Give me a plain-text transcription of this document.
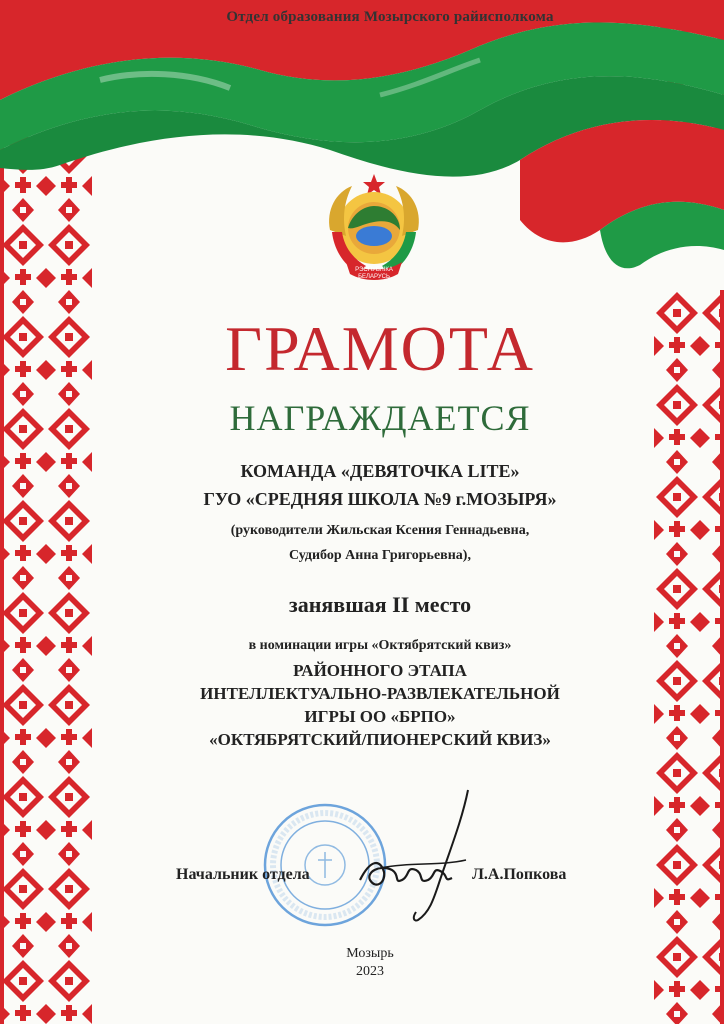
Отдел образования Мозырского райисполкома
РЭСПУБЛІКА
БЕЛАРУСЬ
ГРАМОТА
НАГРАЖДАЕТСЯ
КОМАНДА «ДЕВЯТОЧКА LITE»
ГУО «СРЕДНЯЯ ШКОЛА №9 г.МОЗЫРЯ»
(руководители Жильская Ксения Геннадьевна,
Судибор Анна Григорьевна),
занявшая II место
в номинации игры «Октябрятский квиз»
РАЙОННОГО ЭТАПА
ИНТЕЛЛЕКТУАЛЬНО-РАЗВЛЕКАТЕЛЬНОЙ
ИГРЫ ОО «БРПО»
«ОКТЯБРЯТСКИЙ/ПИОНЕРСКИЙ КВИЗ»
Начальник отдела	Л.А.Попкова
Мозырь
2023
